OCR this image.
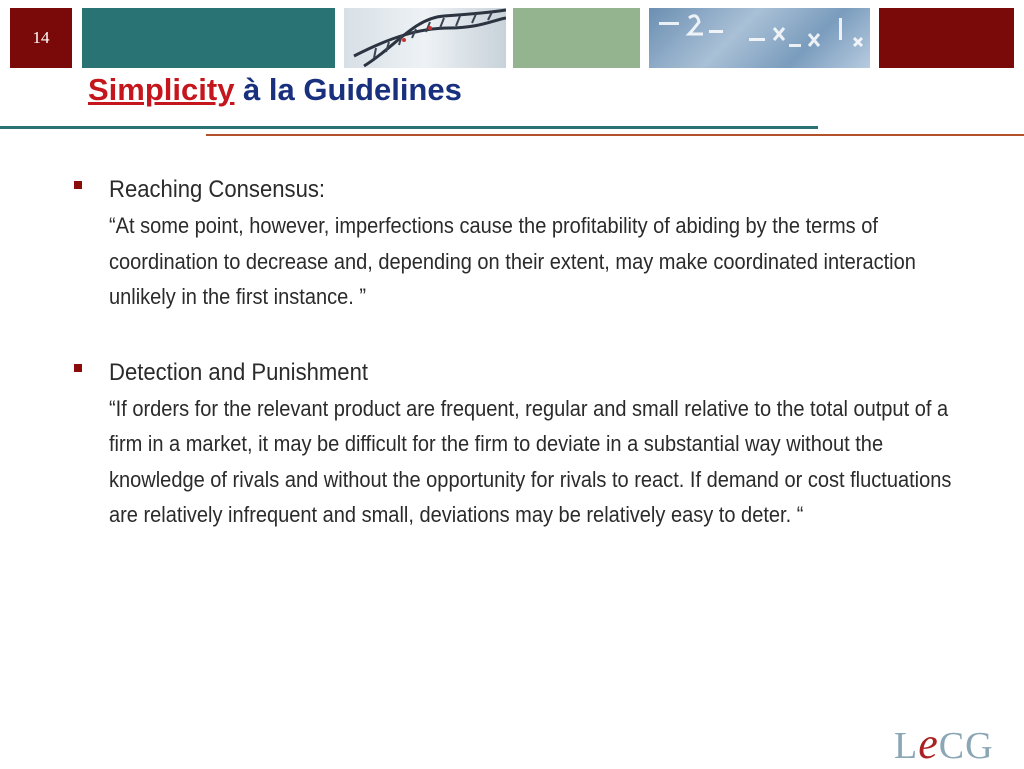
14
Simplicity à la Guidelines
Reaching Consensus:
“At some point, however, imperfections cause the profitability of abiding by the terms of coordination to decrease and, depending on their extent, may make coordinated interaction unlikely in the first instance. ”
Detection and Punishment
“If orders for the relevant product are frequent, regular and small relative to the total output of a firm in a market, it may be difficult for the firm to deviate in a substantial way without the knowledge of rivals and without the opportunity for rivals to react. If demand or cost fluctuations are relatively infrequent and small, deviations may be relatively easy to deter. “
LeCG
